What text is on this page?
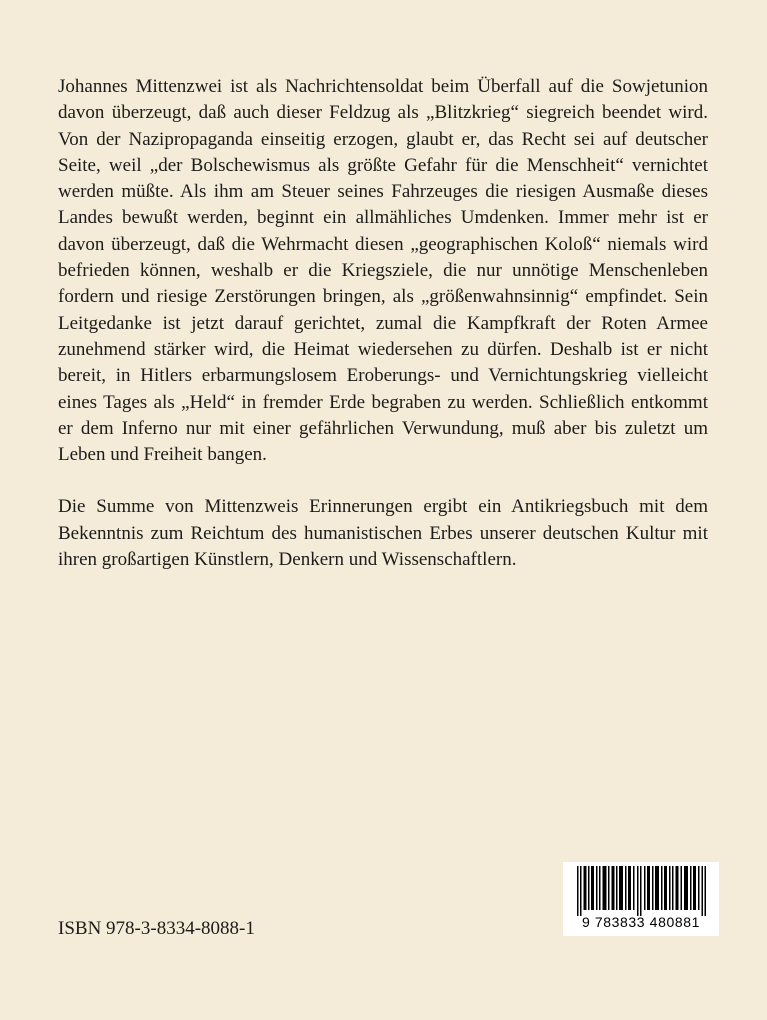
Johannes Mittenzwei ist als Nachrichtensoldat beim Überfall auf die Sowjetunion davon überzeugt, daß auch dieser Feldzug als „Blitzkrieg“ siegreich beendet wird. Von der Nazipropaganda einseitig erzogen, glaubt er, das Recht sei auf deutscher Seite, weil „der Bolschewismus als größte Gefahr für die Menschheit“ vernichtet werden müßte. Als ihm am Steuer seines Fahrzeuges die riesigen Ausmaße dieses Landes bewußt werden, beginnt ein allmähliches Umdenken. Immer mehr ist er davon überzeugt, daß die Wehrmacht diesen „geographischen Koloß“ niemals wird befrieden können, weshalb er die Kriegsziele, die nur unnötige Menschenleben fordern und riesige Zerstörungen bringen, als „größenwahnsinnig“ empfindet. Sein Leitgedanke ist jetzt darauf gerichtet, zumal die Kampfkraft der Roten Armee zunehmend stärker wird, die Heimat wiedersehen zu dürfen. Deshalb ist er nicht bereit, in Hitlers erbarmungslosem Eroberungs- und Vernichtungskrieg vielleicht eines Tages als „Held“ in fremder Erde begraben zu werden. Schließlich entkommt er dem Inferno nur mit einer gefährlichen Verwundung, muß aber bis zuletzt um Leben und Freiheit bangen.

Die Summe von Mittenzweis Erinnerungen ergibt ein Antikriegsbuch mit dem Bekenntnis zum Reichtum des humanistischen Erbes unserer deutschen Kultur mit ihren großartigen Künstlern, Denkern und Wissenschaftlern.

ISBN 978-3-8334-8088-1	9 783833 480881
